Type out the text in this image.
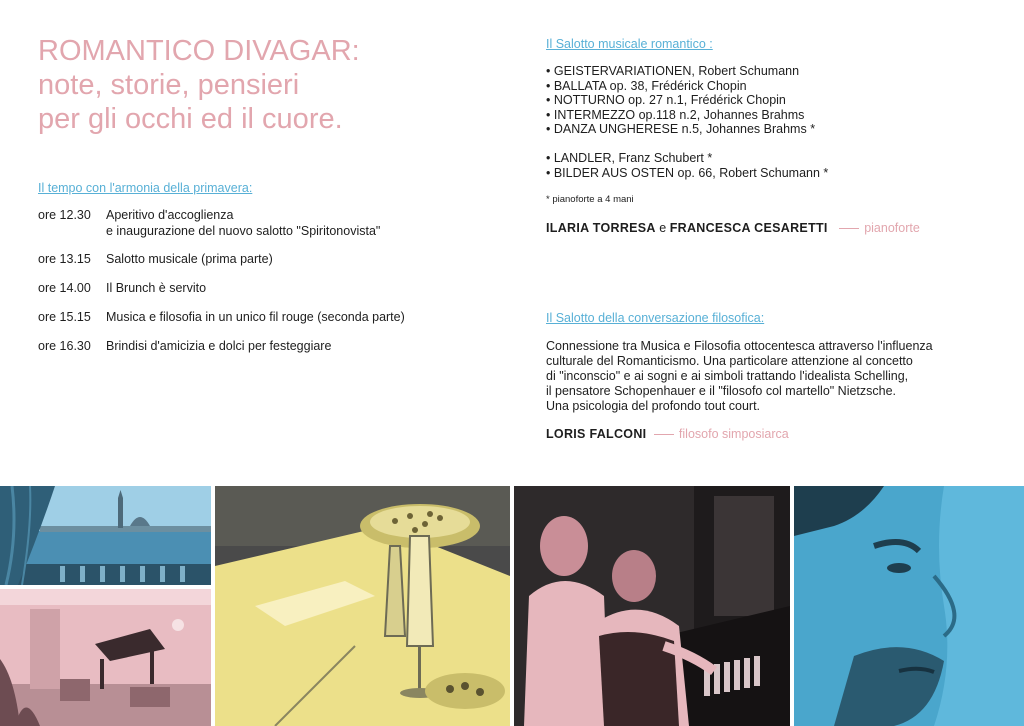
ROMANTICO DIVAGAR:
note, storie, pensieri
per gli occhi ed il cuore.
Il tempo con l'armonia della primavera:
ore 12.30	Aperitivo d'accoglienza
e inaugurazione del nuovo salotto "Spiritonovista"
ore 13.15	Salotto musicale (prima parte)
ore 14.00	Il Brunch è servito
ore 15.15	Musica e filosofia in un unico fil rouge (seconda parte)
ore 16.30	Brindisi d'amicizia e dolci per festeggiare
Il Salotto musicale romantico :
• GEISTERVARIATIONEN, Robert Schumann
• BALLATA op. 38, Frédérick Chopin
• NOTTURNO op. 27 n.1, Frédérick Chopin
• INTERMEZZO op.118 n.2, Johannes Brahms
• DANZA UNGHERESE n.5, Johannes Brahms *
• LANDLER, Franz Schubert *
• BILDER AUS OSTEN op. 66, Robert Schumann *
* pianoforte a 4 mani
ILARIA TORRESA e FRANCESCA CESARETTI	pianoforte
Il Salotto della conversazione filosofica:
Connessione tra Musica e Filosofia ottocentesca attraverso l'influenza
culturale del Romanticismo. Una particolare attenzione al concetto
di "inconscio" e ai sogni e ai simboli trattando l'idealista Schelling,
il pensatore Schopenhauer e il "filosofo col martello" Nietzsche.
Una psicologia del profondo tout court.
LORIS FALCONI	filosofo simposiarca
